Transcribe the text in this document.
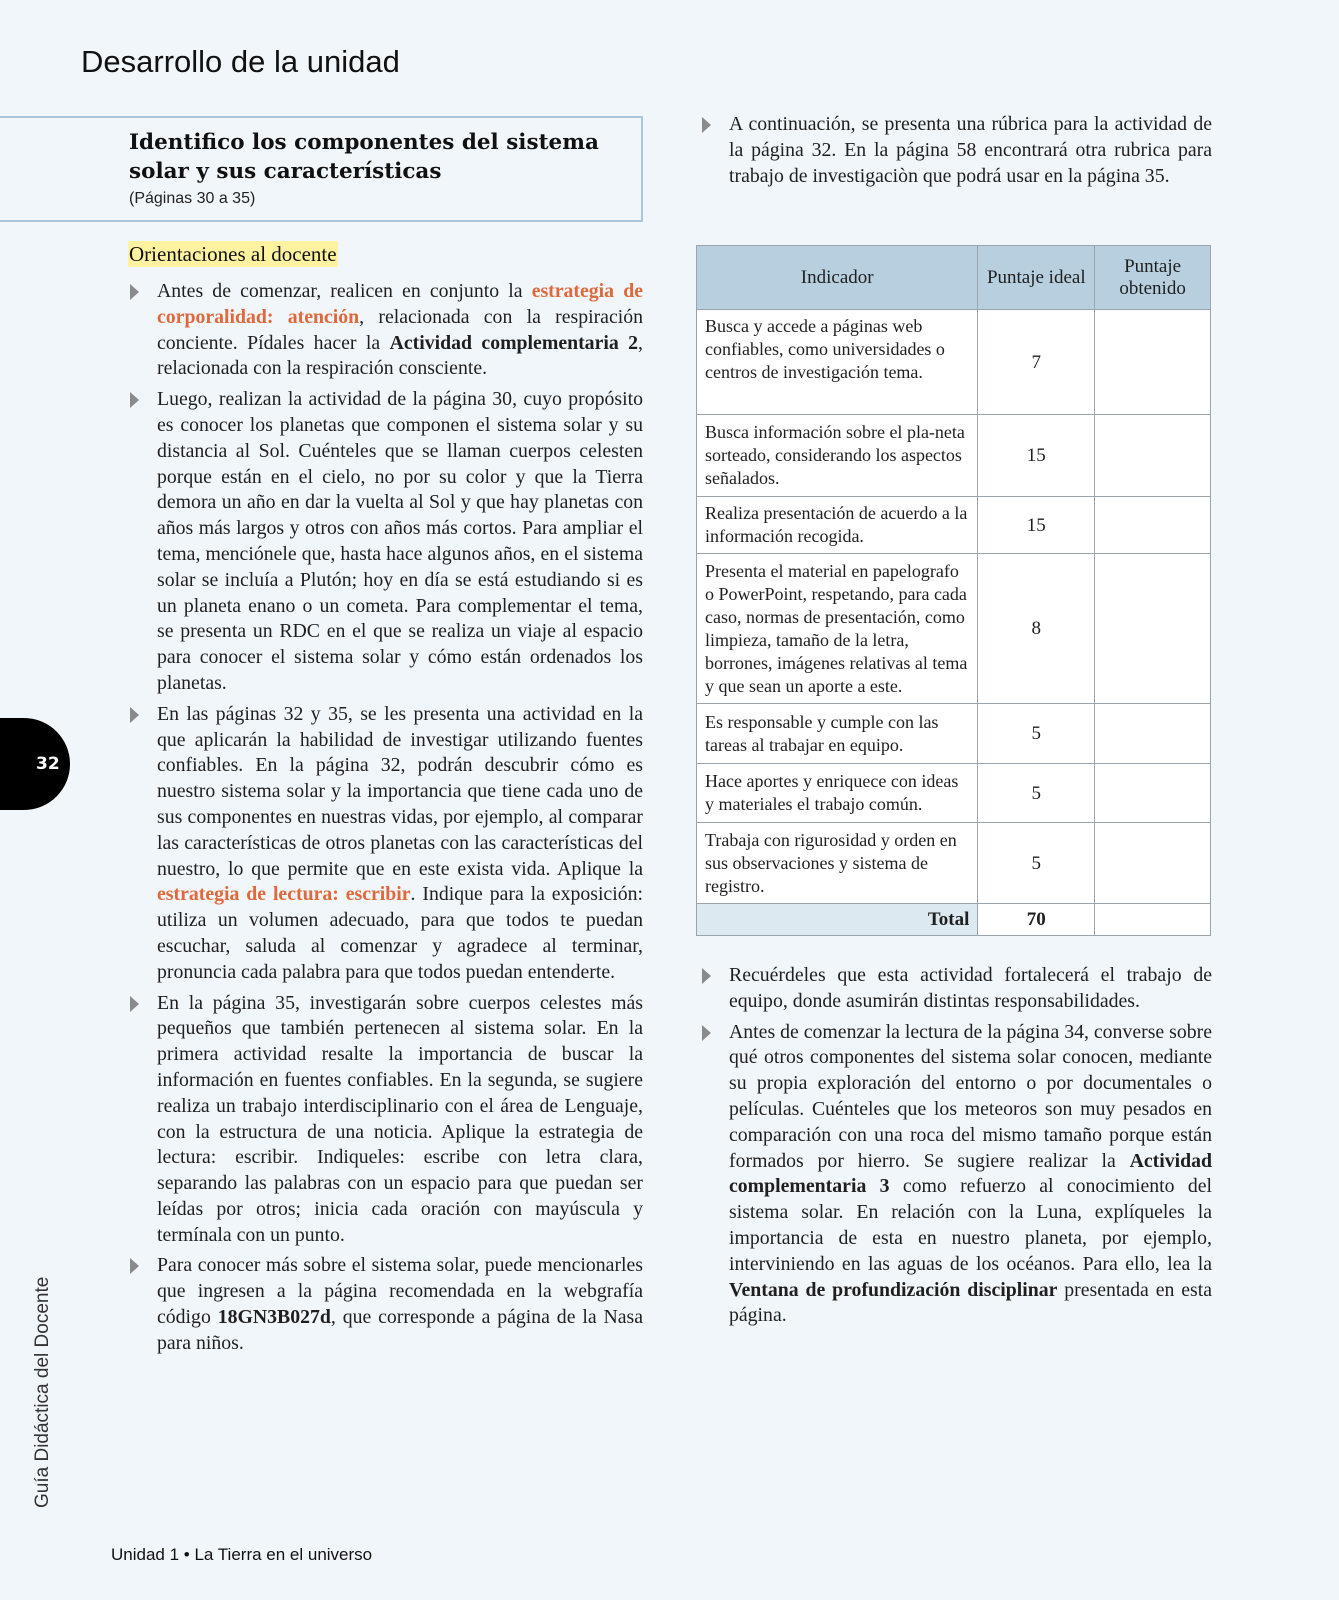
Desarrollo de la unidad
Identifico los componentes del sistema solar y sus características
(Páginas 30 a 35)
Orientaciones al docente
Antes de comenzar, realicen en conjunto la estrategia de corporalidad: atención, relacionada con la respiración conciente. Pídales hacer la Actividad complementaria 2, relacionada con la respiración consciente.
Luego, realizan la actividad de la página 30, cuyo propósito es conocer los planetas que componen el sistema solar y su distancia al Sol. Cuénteles que se llaman cuerpos celesten porque están en el cielo, no por su color y que la Tierra demora un año en dar la vuelta al Sol y que hay planetas con años más largos y otros con años más cortos. Para ampliar el tema, menciónele que, hasta hace algunos años, en el sistema solar se incluía a Plutón; hoy en día se está estudiando si es un planeta enano o un cometa. Para complementar el tema, se presenta un RDC en el que se realiza un viaje al espacio para conocer el sistema solar y cómo están ordenados los planetas.
En las páginas 32 y 35, se les presenta una actividad en la que aplicarán la habilidad de investigar utilizando fuentes confiables. En la página 32, podrán descubrir cómo es nuestro sistema solar y la importancia que tiene cada uno de sus componentes en nuestras vidas, por ejemplo, al comparar las características de otros planetas con las características del nuestro, lo que permite que en este exista vida. Aplique la estrategia de lectura: escribir. Indique para la exposición: utiliza un volumen adecuado, para que todos te puedan escuchar, saluda al comenzar y agradece al terminar, pronuncia cada palabra para que todos puedan entenderte.
En la página 35, investigarán sobre cuerpos celestes más pequeños que también pertenecen al sistema solar. En la primera actividad resalte la importancia de buscar la información en fuentes confiables. En la segunda, se sugiere realiza un trabajo interdisciplinario con el área de Lenguaje, con la estructura de una noticia. Aplique la estrategia de lectura: escribir. Indiqueles: escribe con letra clara, separando las palabras con un espacio para que puedan ser leídas por otros; inicia cada oración con mayúscula y termínala con un punto.
Para conocer más sobre el sistema solar, puede mencionarles que ingresen a la página recomendada en la webgrafía código 18GN3B027d, que corresponde a página de la Nasa para niños.
A continuación, se presenta una rúbrica para la actividad de la página 32. En la página 58 encontrará otra rubrica para trabajo de investigaciòn que podrá usar en la página 35.
Indicador	Puntaje ideal	Puntaje obtenido
Busca y accede a páginas web confiables, como universidades o centros de investigación tema.	7	
Busca información sobre el pla-neta sorteado, considerando los aspectos señalados.	15	
Realiza presentación de acuerdo a la información recogida.	15	
Presenta el material en papelografo o PowerPoint, respetando, para cada caso, normas de presentación, como limpieza, tamaño de la letra, borrones, imágenes relativas al tema y que sean un aporte a este.	8	
Es responsable y cumple con las tareas al trabajar en equipo.	5	
Hace aportes y enriquece con ideas y materiales el trabajo común.	5	
Trabaja con rigurosidad y orden en sus observaciones y sistema de registro.	5	
Total	70	
Recuérdeles que esta actividad fortalecerá el trabajo de equipo, donde asumirán distintas responsabilidades.
Antes de comenzar la lectura de la página 34, converse sobre qué otros componentes del sistema solar conocen, mediante su propia exploración del entorno o por documentales o películas. Cuénteles que los meteoros son muy pesados en comparación con una roca del mismo tamaño porque están formados por hierro. Se sugiere realizar la Actividad complementaria 3 como refuerzo al conocimiento del sistema solar. En relación con la Luna, explíqueles la importancia de esta en nuestro planeta, por ejemplo, interviniendo en las aguas de los océanos. Para ello, lea la Ventana de profundización disciplinar presentada en esta página.
32
Guía Didáctica del Docente
Unidad 1 • La Tierra en el universo
